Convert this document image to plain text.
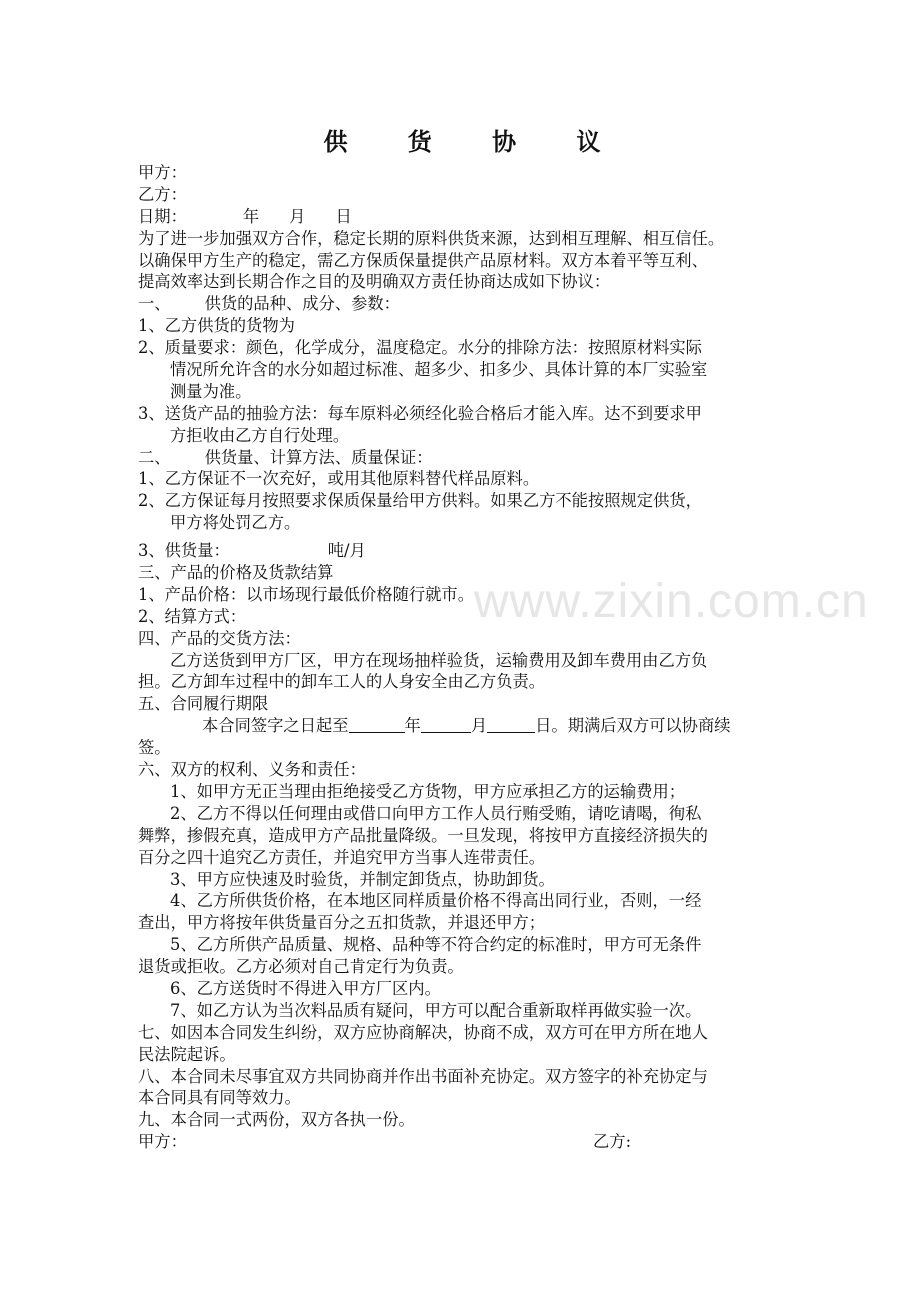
www.zixin.com.cn
供 货 协 议
甲方：
乙方：
日期：	年 月 日
为了进一步加强双方合作，稳定长期的原料供货来源，达到相互理解、相互信任。
以确保甲方生产的稳定，需乙方保质保量提供产品原材料。双方本着平等互利、
提高效率达到长期合作之目的及明确双方责任协商达成如下协议：
一、 供货的品种、成分、参数：
1、乙方供货的货物为
2、质量要求：颜色，化学成分，温度稳定。水分的排除方法：按照原材料实际
情况所允许含的水分如超过标准、超多少、扣多少、具体计算的本厂实验室
测量为准。
3、送货产品的抽验方法：每车原料必须经化验合格后才能入库。达不到要求甲
方拒收由乙方自行处理。
二、 供货量、计算方法、质量保证：
1、乙方保证不一次充好，或用其他原料替代样品原料。
2、乙方保证每月按照要求保质保量给甲方供料。如果乙方不能按照规定供货，
甲方将处罚乙方。
3、供货量：	吨/月
三、产品的价格及货款结算
1、产品价格：以市场现行最低价格随行就市。
2、结算方式：
四、产品的交货方法：
乙方送货到甲方厂区，甲方在现场抽样验货，运输费用及卸车费用由乙方负
担。乙方卸车过程中的卸车工人的人身安全由乙方负责。
五、合同履行期限
本合同签字之日起至	年	月	日。期满后双方可以协商续
签。
六、双方的权利、义务和责任：
1、如甲方无正当理由拒绝接受乙方货物，甲方应承担乙方的运输费用；
2、乙方不得以任何理由或借口向甲方工作人员行贿受贿，请吃请喝，徇私
舞弊，掺假充真，造成甲方产品批量降级。一旦发现，将按甲方直接经济损失的
百分之四十追究乙方责任，并追究甲方当事人连带责任。
3、甲方应快速及时验货，并制定卸货点，协助卸货。
4、乙方所供货价格，在本地区同样质量价格不得高出同行业，否则，一经
查出，甲方将按年供货量百分之五扣货款，并退还甲方；
5、乙方所供产品质量、规格、品种等不符合约定的标准时，甲方可无条件
退货或拒收。乙方必须对自己肯定行为负责。
6、乙方送货时不得进入甲方厂区内。
7、如乙方认为当次料品质有疑问，甲方可以配合重新取样再做实验一次。
七、如因本合同发生纠纷，双方应协商解决，协商不成，双方可在甲方所在地人
民法院起诉。
八、本合同未尽事宜双方共同协商并作出书面补充协定。双方签字的补充协定与
本合同具有同等效力。
九、本合同一式两份，双方各执一份。
甲方：	乙方:
